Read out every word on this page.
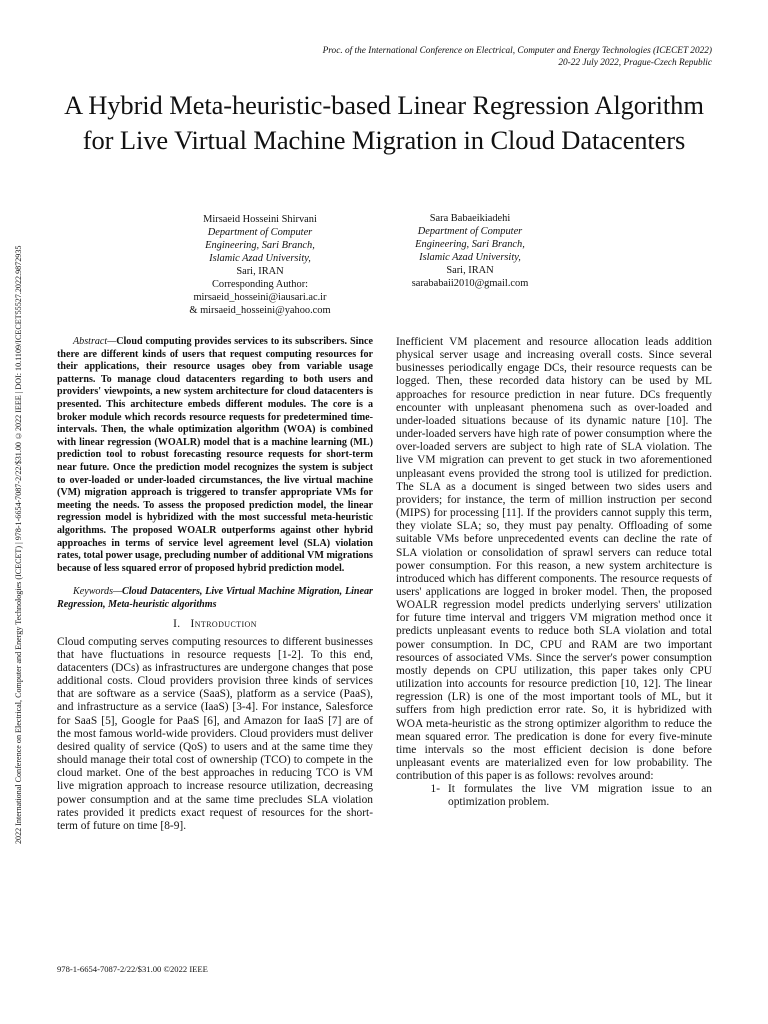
Proc. of the International Conference on Electrical, Computer and Energy Technologies (ICECET 2022)
20-22 July 2022, Prague-Czech Republic
A Hybrid Meta-heuristic-based Linear Regression Algorithm for Live Virtual Machine Migration in Cloud Datacenters
Mirsaeid Hosseini Shirvani
Department of Computer
Engineering, Sari Branch,
Islamic Azad University,
Sari, IRAN
Corresponding Author:
mirsaeid_hosseini@iausari.ac.ir
& mirsaeid_hosseini@yahoo.com
Sara Babaeikiadehi
Department of Computer
Engineering, Sari Branch,
Islamic Azad University,
Sari, IRAN
sarababaii2010@gmail.com
2022 International Conference on Electrical, Computer and Energy Technologies (ICECET) | 978-1-6654-7087-2/22/$31.00 ©2022 IEEE | DOI: 10.1109/ICECET55527.2022.9872935	Abstract—Cloud computing provides services to its subscribers. Since there are different kinds of users that request computing resources for their applications, their resource usages obey from variable usage patterns. To manage cloud datacenters regarding to both users and providers' viewpoints, a new system architecture for cloud datacenters is presented. This architecture embeds different modules. The core is a broker module which records resource requests for predetermined time-intervals. Then, the whale optimization algorithm (WOA) is combined with linear regression (WOALR) model that is a machine learning (ML) prediction tool to robust forecasting resource requests for short-term near future. Once the prediction model recognizes the system is subject to over-loaded or under-loaded circumstances, the live virtual machine (VM) migration approach is triggered to transfer appropriate VMs for meeting the needs. To assess the proposed prediction model, the linear regression model is hybridized with the most successful meta-heuristic algorithms. The proposed WOALR outperforms against other hybrid approaches in terms of service level agreement level (SLA) violation rates, total power usage, precluding number of additional VM migrations because of less squared error of proposed hybrid prediction model.

Keywords—Cloud Datacenters, Live Virtual Machine Migration, Linear Regression, Meta-heuristic algorithms

I. Introduction

Cloud computing serves computing resources to different businesses that have fluctuations in resource requests [1-2]. To this end, datacenters (DCs) as infrastructures are undergone changes that pose additional costs. Cloud providers provision three kinds of services that are software as a service (SaaS), platform as a service (PaaS), and infrastructure as a service (IaaS) [3-4]. For instance, Salesforce for SaaS [5], Google for PaaS [6], and Amazon for IaaS [7] are of the most famous world-wide providers. Cloud providers must deliver desired quality of service (QoS) to users and at the same time they should manage their total cost of ownership (TCO) to compete in the cloud market. One of the best approaches in reducing TCO is VM live migration approach to increase resource utilization, decreasing power consumption and at the same time precludes SLA violation rates provided it predicts exact request of resources for the short-term of future on time [8-9].

Inefficient VM placement and resource allocation leads addition physical server usage and increasing overall costs. Since several businesses periodically engage DCs, their resource requests can be logged. Then, these recorded data history can be used by ML approaches for resource prediction in near future. DCs frequently encounter with unpleasant phenomena such as over-loaded and under-loaded situations because of its dynamic nature [10]. The under-loaded servers have high rate of power consumption where the over-loaded servers are subject to high rate of SLA violation. The live VM migration can prevent to get stuck in two aforementioned unpleasant evens provided the strong tool is utilized for prediction. The SLA as a document is singed between two sides users and providers; for instance, the term of million instruction per second (MIPS) for processing [11]. If the providers cannot supply this term, they violate SLA; so, they must pay penalty. Offloading of some suitable VMs before unprecedented events can decline the rate of SLA violation or consolidation of sprawl servers can reduce total power consumption. For this reason, a new system architecture is introduced which has different components. The resource requests of users' applications are logged in broker model. Then, the proposed WOALR regression model predicts underlying servers' utilization for future time interval and triggers VM migration method once it predicts unpleasant events to reduce both SLA violation and total power consumption. In DC, CPU and RAM are two important resources of associated VMs. Since the server's power consumption mostly depends on CPU utilization, this paper takes only CPU utilization into accounts for resource prediction [10, 12]. The linear regression (LR) is one of the most important tools of ML, but it suffers from high prediction error rate. So, it is hybridized with WOA meta-heuristic as the strong optimizer algorithm to reduce the mean squared error. The predication is done for every five-minute time intervals so the most efficient decision is done before unpleasant events are materialized even for low probability. The contribution of this paper is as follows: revolves around:

1- It formulates the live VM migration issue to an optimization problem.

978-1-6654-7087-2/22/$31.00 ©2022 IEEE
